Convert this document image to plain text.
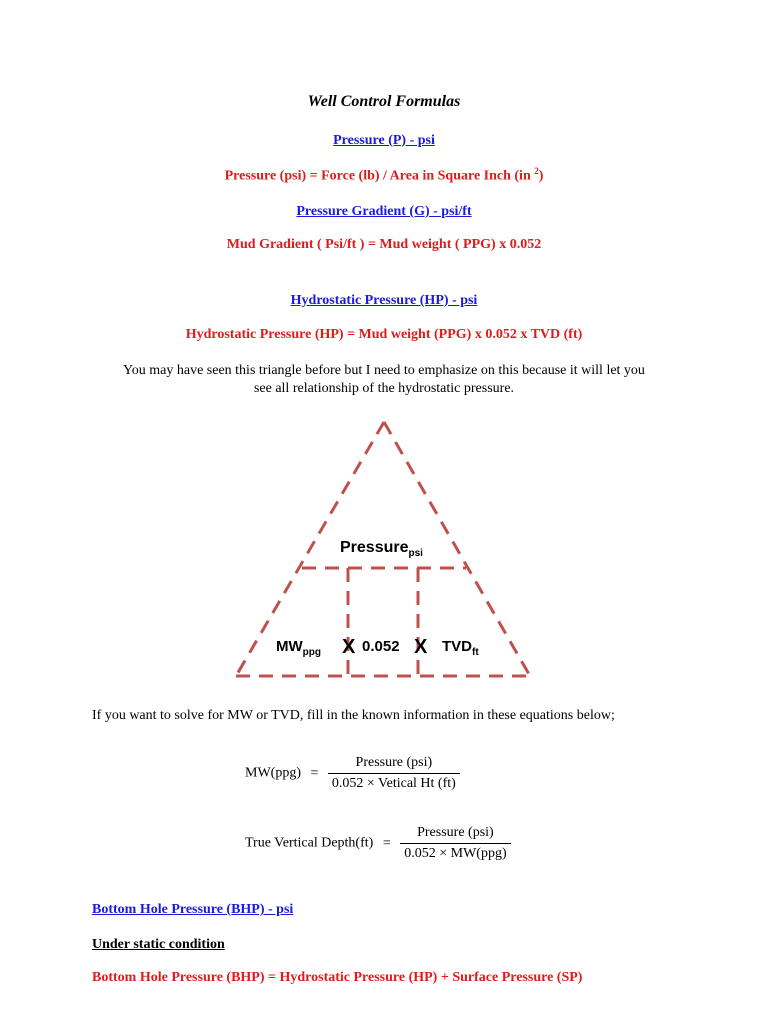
Well Control Formulas
Pressure (P) - psi
Pressure (psi) = Force (lb) / Area in Square Inch (in $^2$)
Pressure Gradient (G) - psi/ft
Mud Gradient ( Psi/ft ) = Mud weight ( PPG) x 0.052
Hydrostatic Pressure (HP) - psi
Hydrostatic Pressure (HP) = Mud weight (PPG) x 0.052 x TVD (ft)
You may have seen this triangle before but I need to emphasize on this because it will let you
see all relationship of the hydrostatic pressure.
Pressure$_{psi}$
$MW_{ppg}$ X 0.052 X $TVD_{ft}$
If you want to solve for MW or TVD, fill in the known information in these equations below;
$MW(ppg) = \frac{\text{Pressure (psi)}}{\text{0.052 × Vetical Ht (ft)}}$
True Vertical Depth(ft) = $\frac{\text{Pressure (psi)}}{\text{0.052 × MW(ppg)}}$
Bottom Hole Pressure (BHP) - psi
Under static condition
Bottom Hole Pressure (BHP) = Hydrostatic Pressure (HP) + Surface Pressure (SP)
